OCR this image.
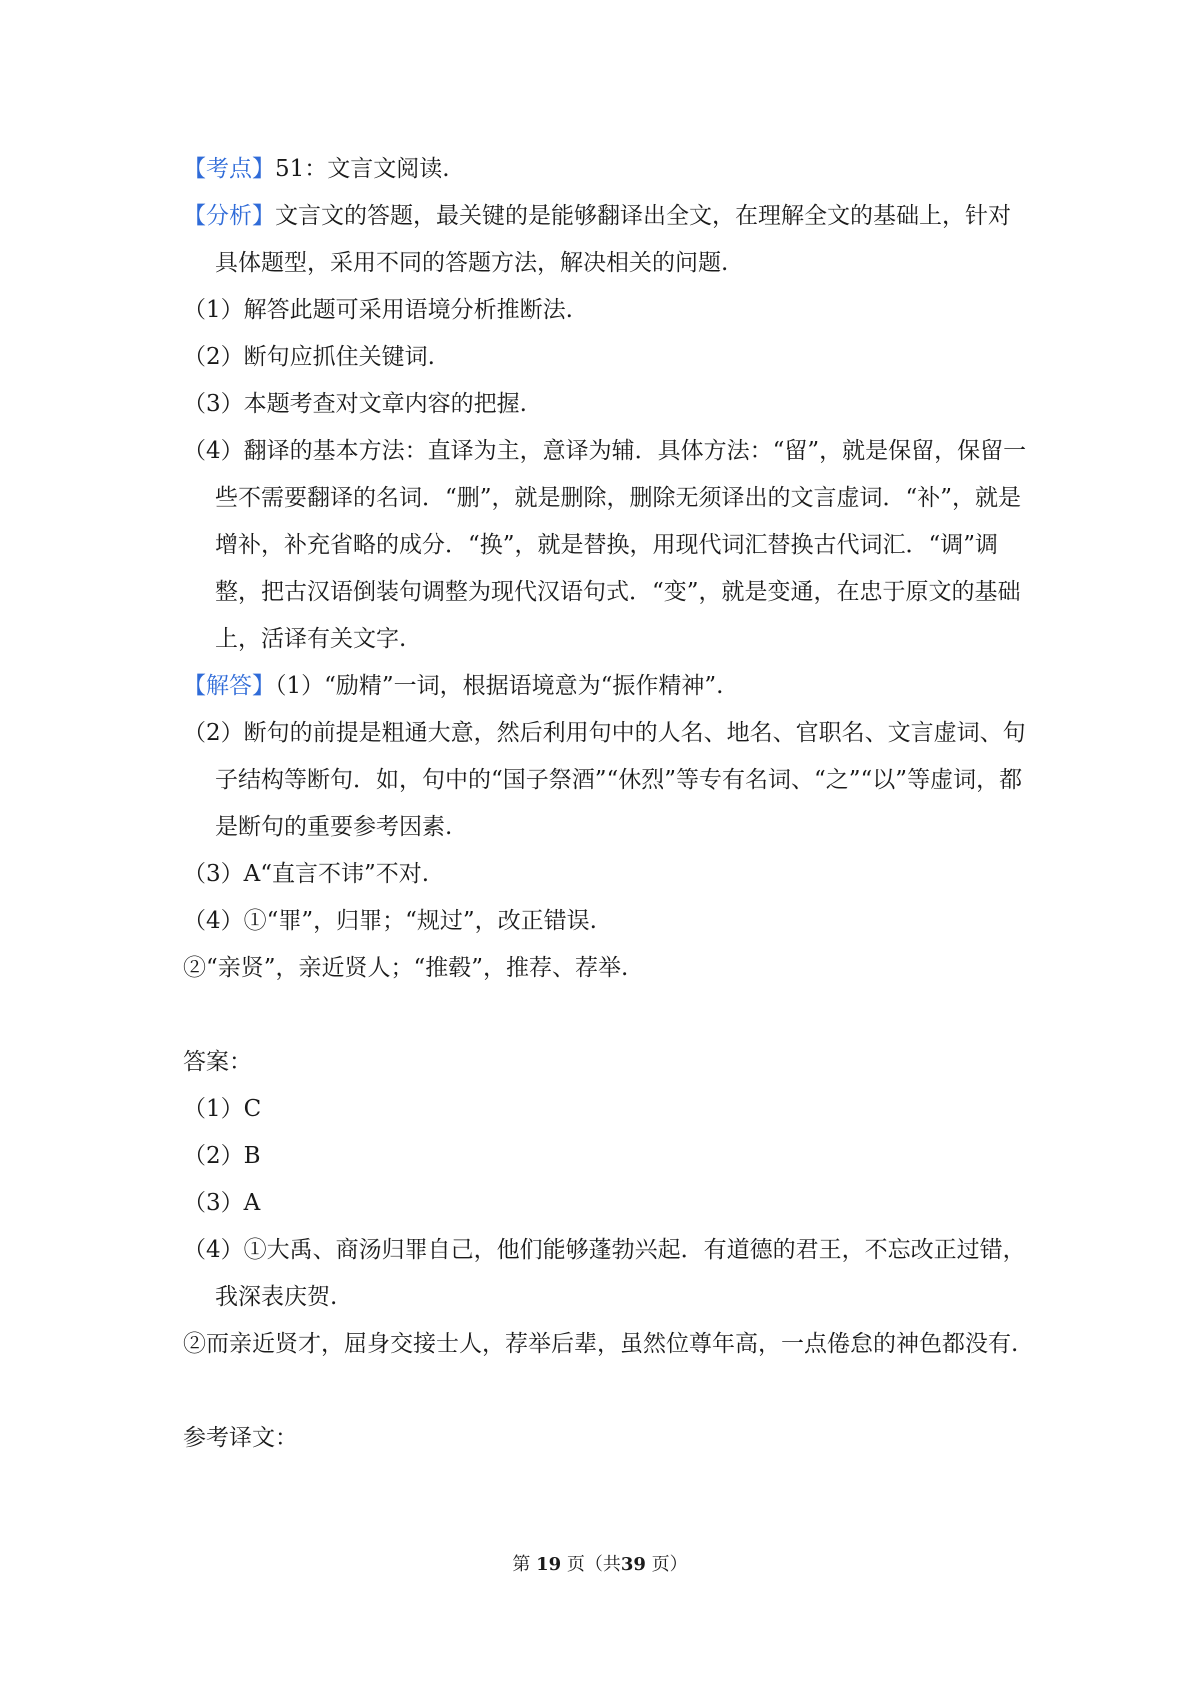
【考点】51：文言文阅读.
【分析】文言文的答题，最关键的是能够翻译出全文，在理解全文的基础上，针对具体题型，采用不同的答题方法，解决相关的问题.
（1）解答此题可采用语境分析推断法.
（2）断句应抓住关键词.
（3）本题考查对文章内容的把握.
（4）翻译的基本方法：直译为主，意译为辅．具体方法：“留”，就是保留，保留一些不需要翻译的名词．“删”，就是删除，删除无须译出的文言虚词．“补”，就是增补，补充省略的成分．“换”，就是替换，用现代词汇替换古代词汇．“调”调整，把古汉语倒装句调整为现代汉语句式．“变”，就是变通，在忠于原文的基础上，活译有关文字.
【解答】（1）“励精”一词，根据语境意为“振作精神”.
（2）断句的前提是粗通大意，然后利用句中的人名、地名、官职名、文言虚词、句子结构等断句．如，句中的“国子祭酒”“休烈”等专有名词、“之”“以”等虚词，都是断句的重要参考因素.
（3）A“直言不讳”不对.
（4）①“罪”，归罪；“规过”，改正错误.
②“亲贤”，亲近贤人；“推毂”，推荐、荐举.
答案：
（1）C
（2）B
（3）A
（4）①大禹、商汤归罪自己，他们能够蓬勃兴起．有道德的君王，不忘改正过错，我深表庆贺.
②而亲近贤才，屈身交接士人，荐举后辈，虽然位尊年高，一点倦怠的神色都没有.
参考译文：
第 19 页（共39 页）
